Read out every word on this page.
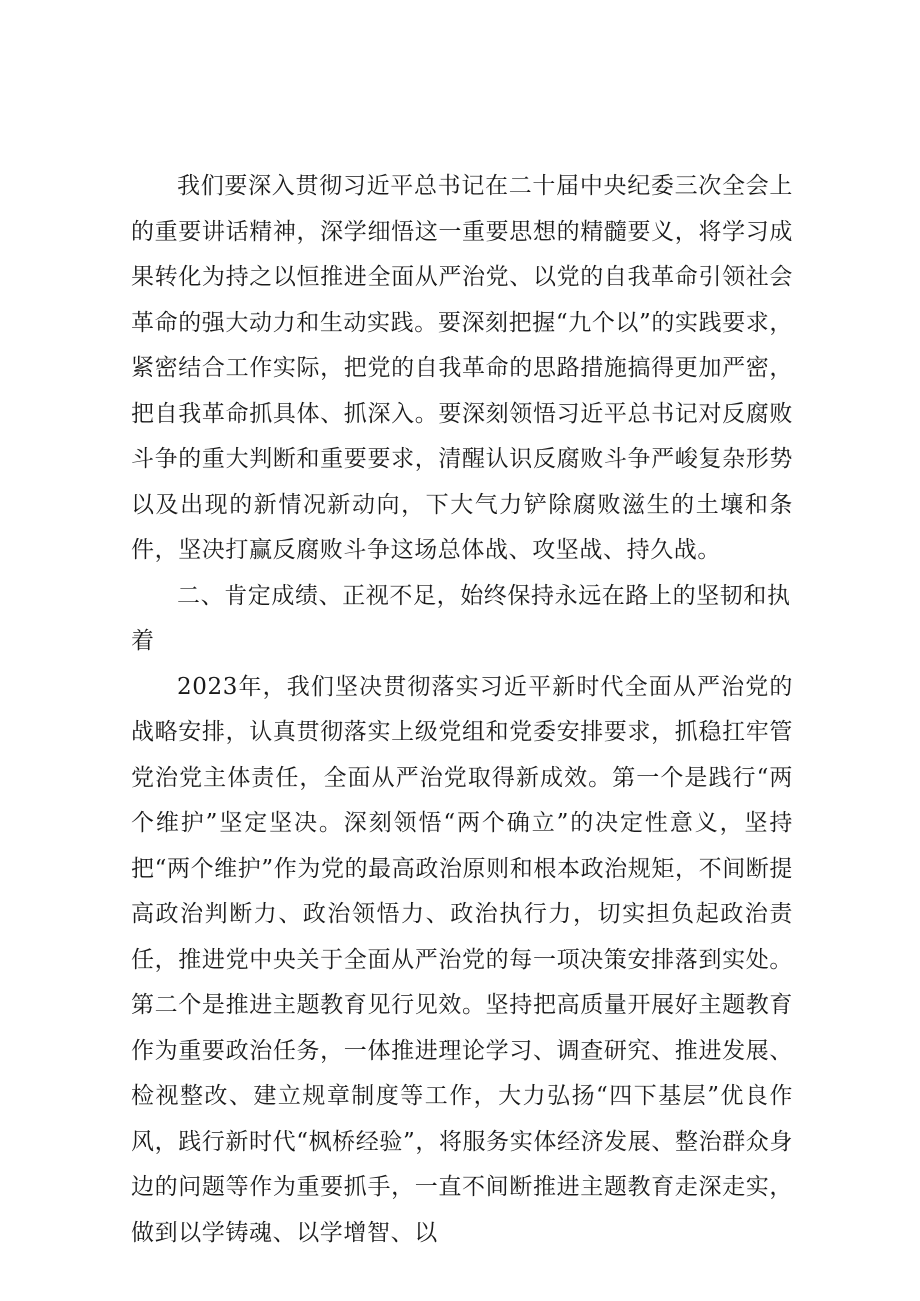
我们要深入贯彻习近平总书记在二十届中央纪委三次全会上的重要讲话精神，深学细悟这一重要思想的精髓要义，将学习成果转化为持之以恒推进全面从严治党、以党的自我革命引领社会革命的强大动力和生动实践。要深刻把握“九个以”的实践要求，紧密结合工作实际，把党的自我革命的思路措施搞得更加严密，把自我革命抓具体、抓深入。要深刻领悟习近平总书记对反腐败斗争的重大判断和重要要求，清醒认识反腐败斗争严峻复杂形势以及出现的新情况新动向，下大气力铲除腐败滋生的土壤和条件，坚决打赢反腐败斗争这场总体战、攻坚战、持久战。

二、肯定成绩、正视不足，始终保持永远在路上的坚韧和执着

2023年，我们坚决贯彻落实习近平新时代全面从严治党的战略安排，认真贯彻落实上级党组和党委安排要求，抓稳扛牢管党治党主体责任，全面从严治党取得新成效。第一个是践行“两个维护”坚定坚决。深刻领悟“两个确立”的决定性意义，坚持把“两个维护”作为党的最高政治原则和根本政治规矩，不间断提高政治判断力、政治领悟力、政治执行力，切实担负起政治责任，推进党中央关于全面从严治党的每一项决策安排落到实处。第二个是推进主题教育见行见效。坚持把高质量开展好主题教育作为重要政治任务，一体推进理论学习、调查研究、推进发展、检视整改、建立规章制度等工作，大力弘扬“四下基层”优良作风，践行新时代“枫桥经验”，将服务实体经济发展、整治群众身边的问题等作为重要抓手，一直不间断推进主题教育走深走实，做到以学铸魂、以学增智、以
